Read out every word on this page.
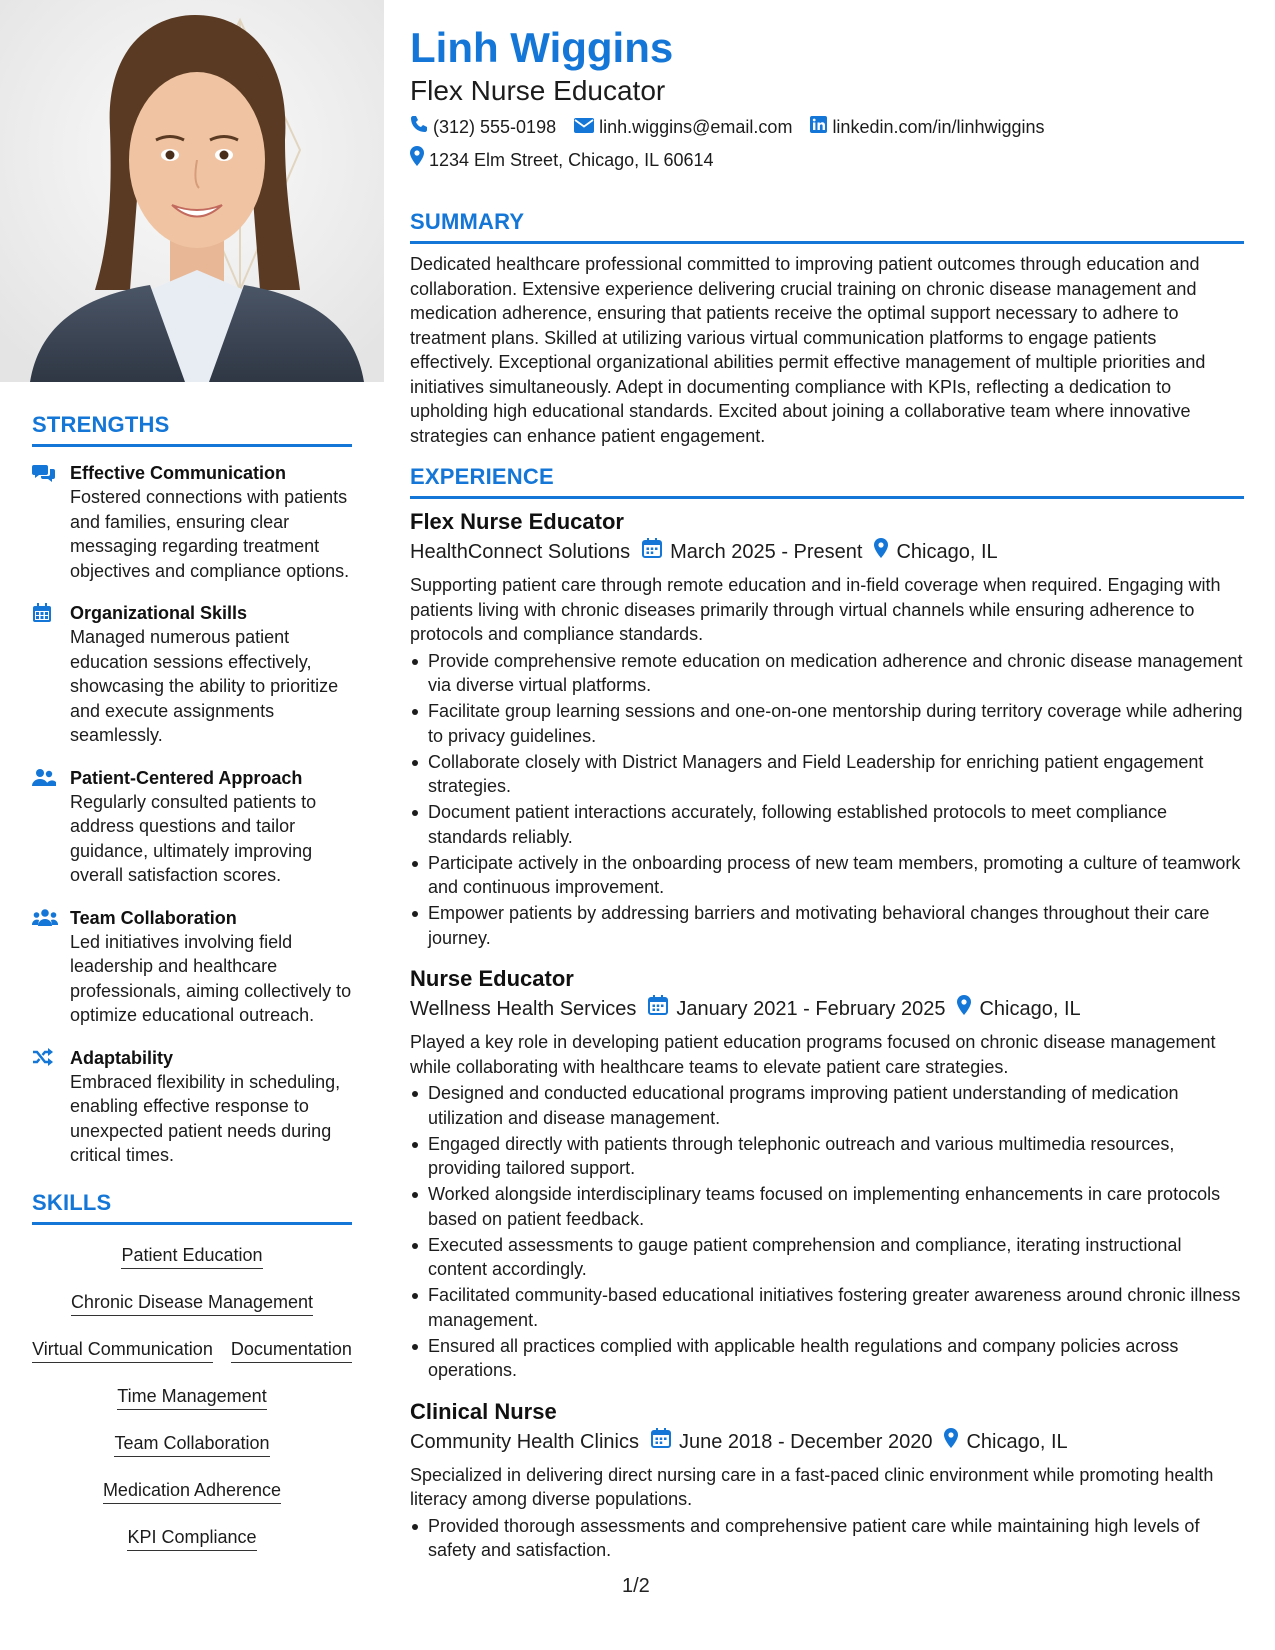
STRENGTHS
Effective Communication
Fostered connections with patients and families, ensuring clear messaging regarding treatment objectives and compliance options.
Organizational Skills
Managed numerous patient education sessions effectively, showcasing the ability to prioritize and execute assignments seamlessly.
Patient-Centered Approach
Regularly consulted patients to address questions and tailor guidance, ultimately improving overall satisfaction scores.
Team Collaboration
Led initiatives involving field leadership and healthcare professionals, aiming collectively to optimize educational outreach.
Adaptability
Embraced flexibility in scheduling, enabling effective response to unexpected patient needs during critical times.
SKILLS
Patient Education
Chronic Disease Management
Virtual Communication Documentation
Time Management
Team Collaboration
Medication Adherence
KPI Compliance
Linh Wiggins
Flex Nurse Educator
(312) 555-0198 linh.wiggins@email.com linkedin.com/in/linhwiggins
1234 Elm Street, Chicago, IL 60614
SUMMARY
Dedicated healthcare professional committed to improving patient outcomes through education and collaboration. Extensive experience delivering crucial training on chronic disease management and medication adherence, ensuring that patients receive the optimal support necessary to adhere to treatment plans. Skilled at utilizing various virtual communication platforms to engage patients effectively. Exceptional organizational abilities permit effective management of multiple priorities and initiatives simultaneously. Adept in documenting compliance with KPIs, reflecting a dedication to upholding high educational standards. Excited about joining a collaborative team where innovative strategies can enhance patient engagement.
EXPERIENCE
Flex Nurse Educator
HealthConnect Solutions March 2025 - Present Chicago, IL
Supporting patient care through remote education and in-field coverage when required. Engaging with patients living with chronic diseases primarily through virtual channels while ensuring adherence to protocols and compliance standards.
Provide comprehensive remote education on medication adherence and chronic disease management via diverse virtual platforms.
Facilitate group learning sessions and one-on-one mentorship during territory coverage while adhering to privacy guidelines.
Collaborate closely with District Managers and Field Leadership for enriching patient engagement strategies.
Document patient interactions accurately, following established protocols to meet compliance standards reliably.
Participate actively in the onboarding process of new team members, promoting a culture of teamwork and continuous improvement.
Empower patients by addressing barriers and motivating behavioral changes throughout their care journey.
Nurse Educator
Wellness Health Services January 2021 - February 2025 Chicago, IL
Played a key role in developing patient education programs focused on chronic disease management while collaborating with healthcare teams to elevate patient care strategies.
Designed and conducted educational programs improving patient understanding of medication utilization and disease management.
Engaged directly with patients through telephonic outreach and various multimedia resources, providing tailored support.
Worked alongside interdisciplinary teams focused on implementing enhancements in care protocols based on patient feedback.
Executed assessments to gauge patient comprehension and compliance, iterating instructional content accordingly.
Facilitated community-based educational initiatives fostering greater awareness around chronic illness management.
Ensured all practices complied with applicable health regulations and company policies across operations.
Clinical Nurse
Community Health Clinics June 2018 - December 2020 Chicago, IL
Specialized in delivering direct nursing care in a fast-paced clinic environment while promoting health literacy among diverse populations.
Provided thorough assessments and comprehensive patient care while maintaining high levels of safety and satisfaction.
1/2
